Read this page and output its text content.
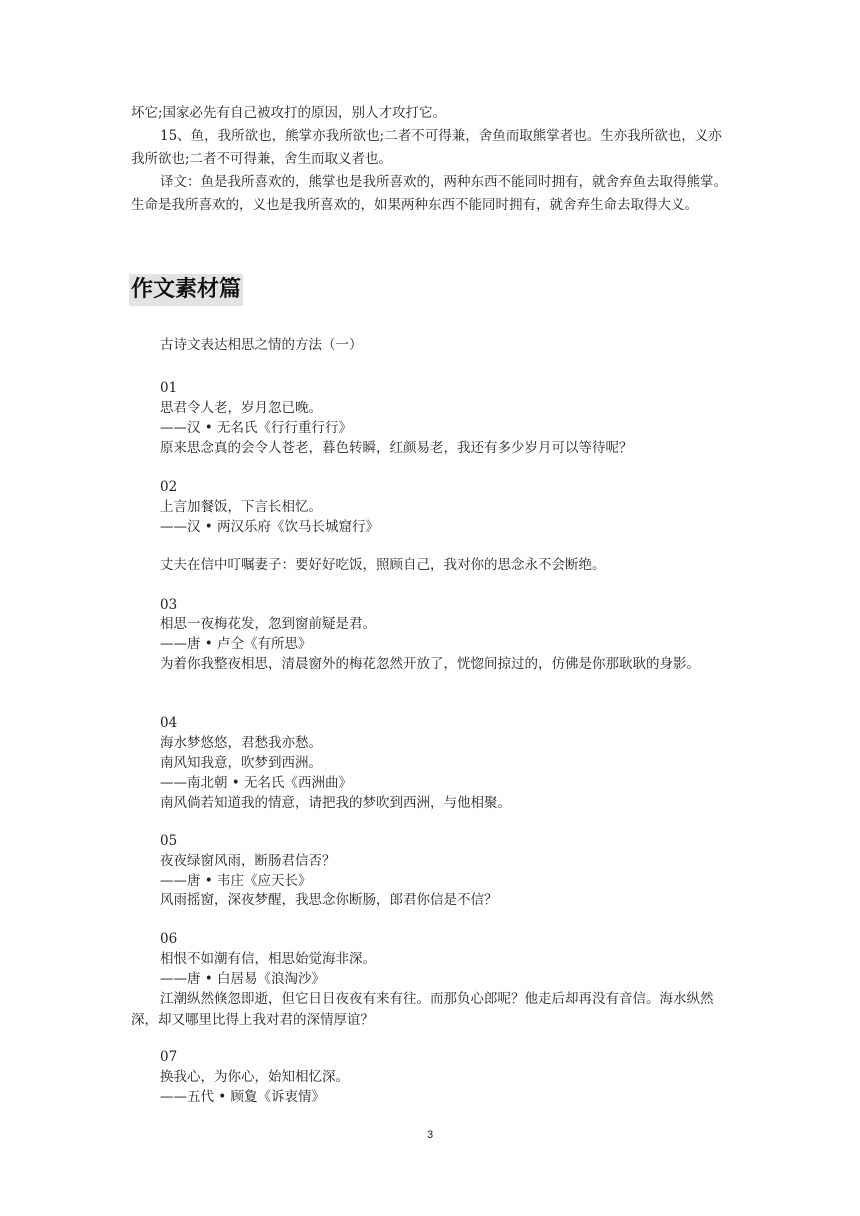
坏它;国家必先有自己被攻打的原因，别人才攻打它。
15、鱼，我所欲也，熊掌亦我所欲也;二者不可得兼，舍鱼而取熊掌者也。生亦我所欲也，义亦我所欲也;二者不可得兼，舍生而取义者也。
译文：鱼是我所喜欢的，熊掌也是我所喜欢的，两种东西不能同时拥有，就舍弃鱼去取得熊掌。生命是我所喜欢的，义也是我所喜欢的，如果两种东西不能同时拥有，就舍弃生命去取得大义。
作文素材篇
古诗文表达相思之情的方法（一）
01
思君令人老，岁月忽已晚。
——汉 • 无名氏《行行重行行》
原来思念真的会令人苍老，暮色转瞬，红颜易老，我还有多少岁月可以等待呢？
02
上言加餐饭，下言长相忆。
——汉 • 两汉乐府《饮马长城窟行》
丈夫在信中叮嘱妻子：要好好吃饭，照顾自己，我对你的思念永不会断绝。
03
相思一夜梅花发，忽到窗前疑是君。
——唐 • 卢仝《有所思》
为着你我整夜相思，清晨窗外的梅花忽然开放了，恍惚间掠过的，仿佛是你那耿耿的身影。
04
海水梦悠悠，君愁我亦愁。
南风知我意，吹梦到西洲。
——南北朝 • 无名氏《西洲曲》
南风倘若知道我的情意，请把我的梦吹到西洲，与他相聚。
05
夜夜绿窗风雨，断肠君信否？
——唐 • 韦庄《应天长》
风雨摇窗，深夜梦醒，我思念你断肠，郎君你信是不信？
06
相恨不如潮有信，相思始觉海非深。
——唐 • 白居易《浪淘沙》
江潮纵然倏忽即逝，但它日日夜夜有来有往。而那负心郎呢？他走后却再没有音信。海水纵然深，却又哪里比得上我对君的深情厚谊？
07
换我心，为你心，始知相忆深。
——五代 • 顾夐《诉衷情》
3
